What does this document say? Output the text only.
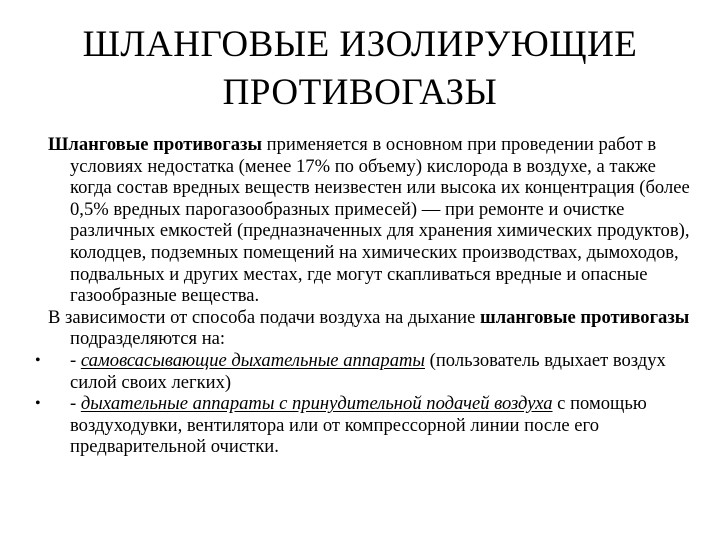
ШЛАНГОВЫЕ ИЗОЛИРУЮЩИЕ
ПРОТИВОГАЗЫ

Шланговые противогазы применяется в основном при проведении работ в условиях недостатка (менее 17% по объему) кислорода в воздухе, а также когда состав вредных веществ неизвестен или высока их концентрация (более 0,5% вредных парогазообразных примесей) — при ремонте и очистке различных емкостей (предназначенных для хранения химических продуктов), колодцев, подземных помещений на химических производствах, дымоходов, подвальных и других местах, где могут скапливаться вредные и опасные газообразные вещества.

В зависимости от способа подачи воздуха на дыхание шланговые противогазы подразделяются на:

• - самовсасывающие дыхательные аппараты (пользователь вдыхает воздух силой своих легких)

• - дыхательные аппараты с принудительной подачей воздуха с помощью воздуходувки, вентилятора или от компрессорной линии после его предварительной очистки.
